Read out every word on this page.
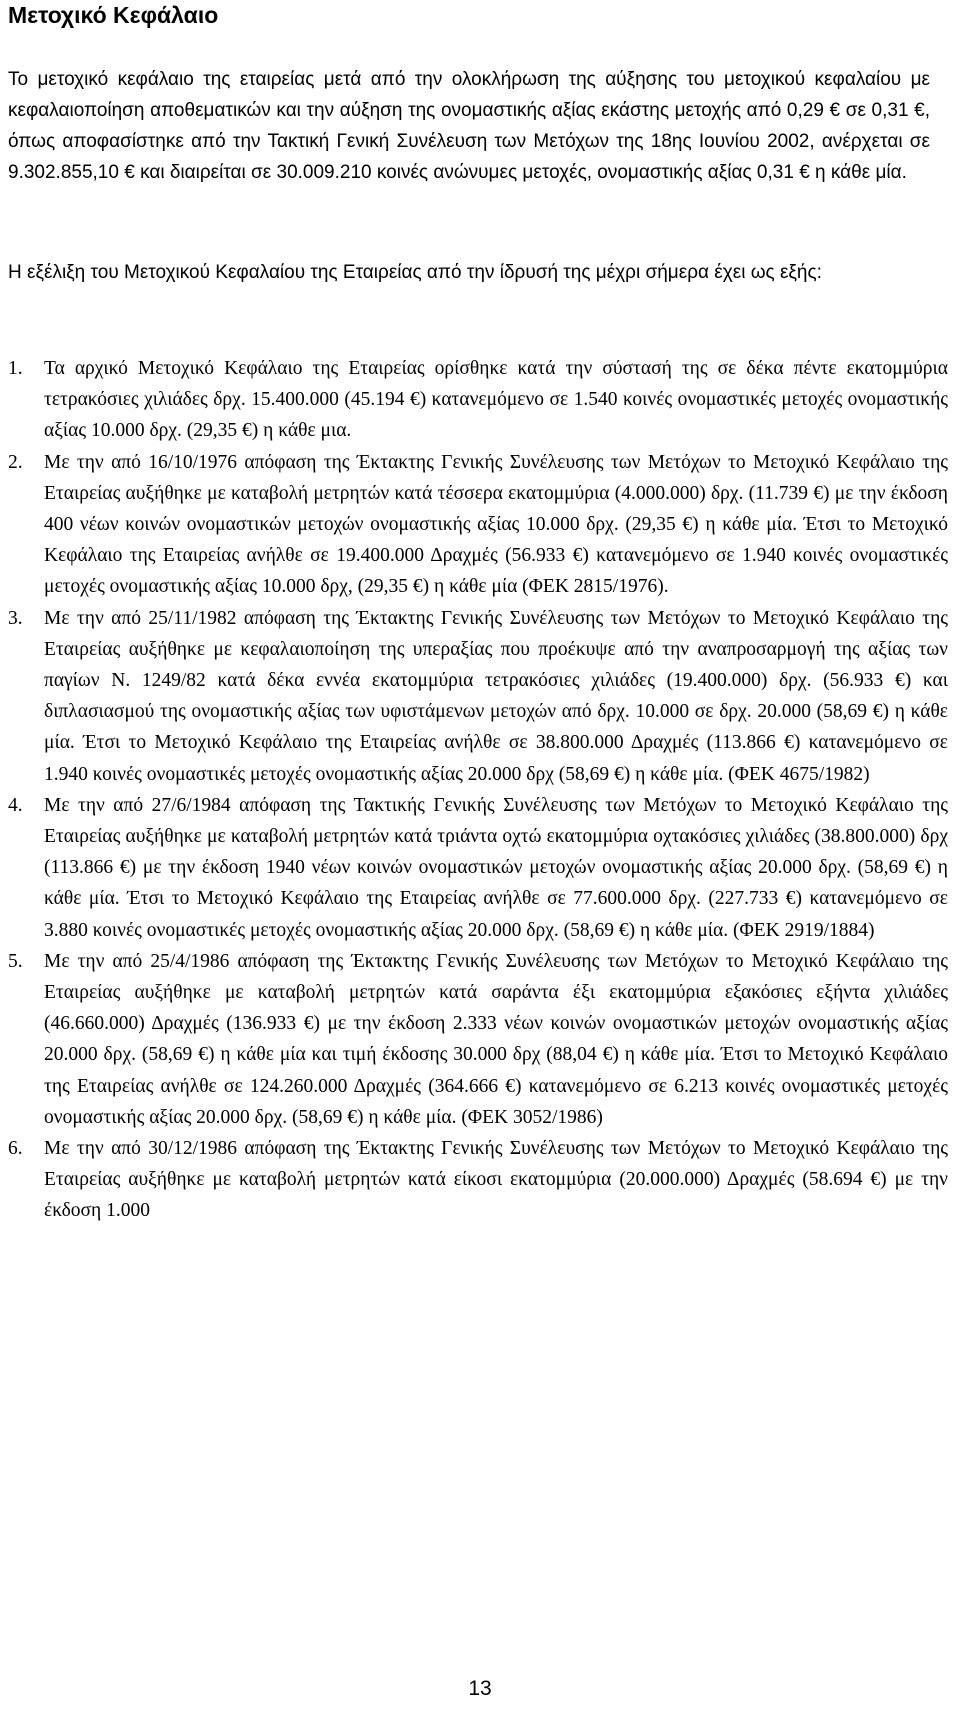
Μετοχικό Κεφάλαιο

Το μετοχικό κεφάλαιο της εταιρείας μετά από την ολοκλήρωση της αύξησης του μετοχικού κεφαλαίου με κεφαλαιοποίηση αποθεματικών και την αύξηση της ονομαστικής αξίας εκάστης μετοχής από 0,29 € σε 0,31 €, όπως αποφασίστηκε από την Τακτική Γενική Συνέλευση των Μετόχων της 18ης Ιουνίου 2002, ανέρχεται σε 9.302.855,10 € και διαιρείται σε 30.009.210 κοινές ανώνυμες μετοχές, ονομαστικής αξίας 0,31 € η κάθε μία.

Η εξέλιξη του Μετοχικού Κεφαλαίου της Εταιρείας από την ίδρυσή της μέχρι σήμερα έχει ως εξής:

1. Τα αρχικό Μετοχικό Κεφάλαιο της Εταιρείας ορίσθηκε κατά την σύστασή της σε δέκα πέντε εκατομμύρια τετρακόσιες χιλιάδες δρχ. 15.400.000 (45.194 €) κατανεμόμενο σε 1.540 κοινές ονομαστικές μετοχές ονομαστικής αξίας 10.000 δρχ. (29,35 €) η κάθε μια.
2. Με την από 16/10/1976 απόφαση της Έκτακτης Γενικής Συνέλευσης των Μετόχων το Μετοχικό Κεφάλαιο της Εταιρείας αυξήθηκε με καταβολή μετρητών κατά τέσσερα εκατομμύρια (4.000.000) δρχ. (11.739 €) με την έκδοση 400 νέων κοινών ονομαστικών μετοχών ονομαστικής αξίας 10.000 δρχ. (29,35 €) η κάθε μία. Έτσι το Μετοχικό Κεφάλαιο της Εταιρείας ανήλθε σε 19.400.000 Δραχμές (56.933 €) κατανεμόμενο σε 1.940 κοινές ονομαστικές μετοχές ονομαστικής αξίας 10.000 δρχ, (29,35 €) η κάθε μία (ΦΕΚ 2815/1976).
3. Με την από 25/11/1982 απόφαση της Έκτακτης Γενικής Συνέλευσης των Μετόχων το Μετοχικό Κεφάλαιο της Εταιρείας αυξήθηκε με κεφαλαιοποίηση της υπεραξίας που προέκυψε από την αναπροσαρμογή της αξίας των παγίων Ν. 1249/82 κατά δέκα εννέα εκατομμύρια τετρακόσιες χιλιάδες (19.400.000) δρχ. (56.933 €) και διπλασιασμού της ονομαστικής αξίας των υφιστάμενων μετοχών από δρχ. 10.000 σε δρχ. 20.000 (58,69 €) η κάθε μία. Έτσι το Μετοχικό Κεφάλαιο της Εταιρείας ανήλθε σε 38.800.000 Δραχμές (113.866 €) κατανεμόμενο σε 1.940 κοινές ονομαστικές μετοχές ονομαστικής αξίας 20.000 δρχ (58,69 €) η κάθε μία. (ΦΕΚ 4675/1982)
4. Με την από 27/6/1984 απόφαση της Τακτικής Γενικής Συνέλευσης των Μετόχων το Μετοχικό Κεφάλαιο της Εταιρείας αυξήθηκε με καταβολή μετρητών κατά τριάντα οχτώ εκατομμύρια οχτακόσιες χιλιάδες (38.800.000) δρχ (113.866 €) με την έκδοση 1940 νέων κοινών ονομαστικών μετοχών ονομαστικής αξίας 20.000 δρχ. (58,69 €) η κάθε μία. Έτσι το Μετοχικό Κεφάλαιο της Εταιρείας ανήλθε σε 77.600.000 δρχ. (227.733 €) κατανεμόμενο σε 3.880 κοινές ονομαστικές μετοχές ονομαστικής αξίας 20.000 δρχ. (58,69 €) η κάθε μία. (ΦΕΚ 2919/1884)
5. Με την από 25/4/1986 απόφαση της Έκτακτης Γενικής Συνέλευσης των Μετόχων το Μετοχικό Κεφάλαιο της Εταιρείας αυξήθηκε με καταβολή μετρητών κατά σαράντα έξι εκατομμύρια εξακόσιες εξήντα χιλιάδες (46.660.000) Δραχμές (136.933 €) με την έκδοση 2.333 νέων κοινών ονομαστικών μετοχών ονομαστικής αξίας 20.000 δρχ. (58,69 €) η κάθε μία και τιμή έκδοσης 30.000 δρχ (88,04 €) η κάθε μία. Έτσι το Μετοχικό Κεφάλαιο της Εταιρείας ανήλθε σε 124.260.000 Δραχμές (364.666 €) κατανεμόμενο σε 6.213 κοινές ονομαστικές μετοχές ονομαστικής αξίας 20.000 δρχ. (58,69 €) η κάθε μία. (ΦΕΚ 3052/1986)
6. Με την από 30/12/1986 απόφαση της Έκτακτης Γενικής Συνέλευσης των Μετόχων το Μετοχικό Κεφάλαιο της Εταιρείας αυξήθηκε με καταβολή μετρητών κατά είκοσι εκατομμύρια (20.000.000) Δραχμές (58.694 €) με την έκδοση 1.000
13
